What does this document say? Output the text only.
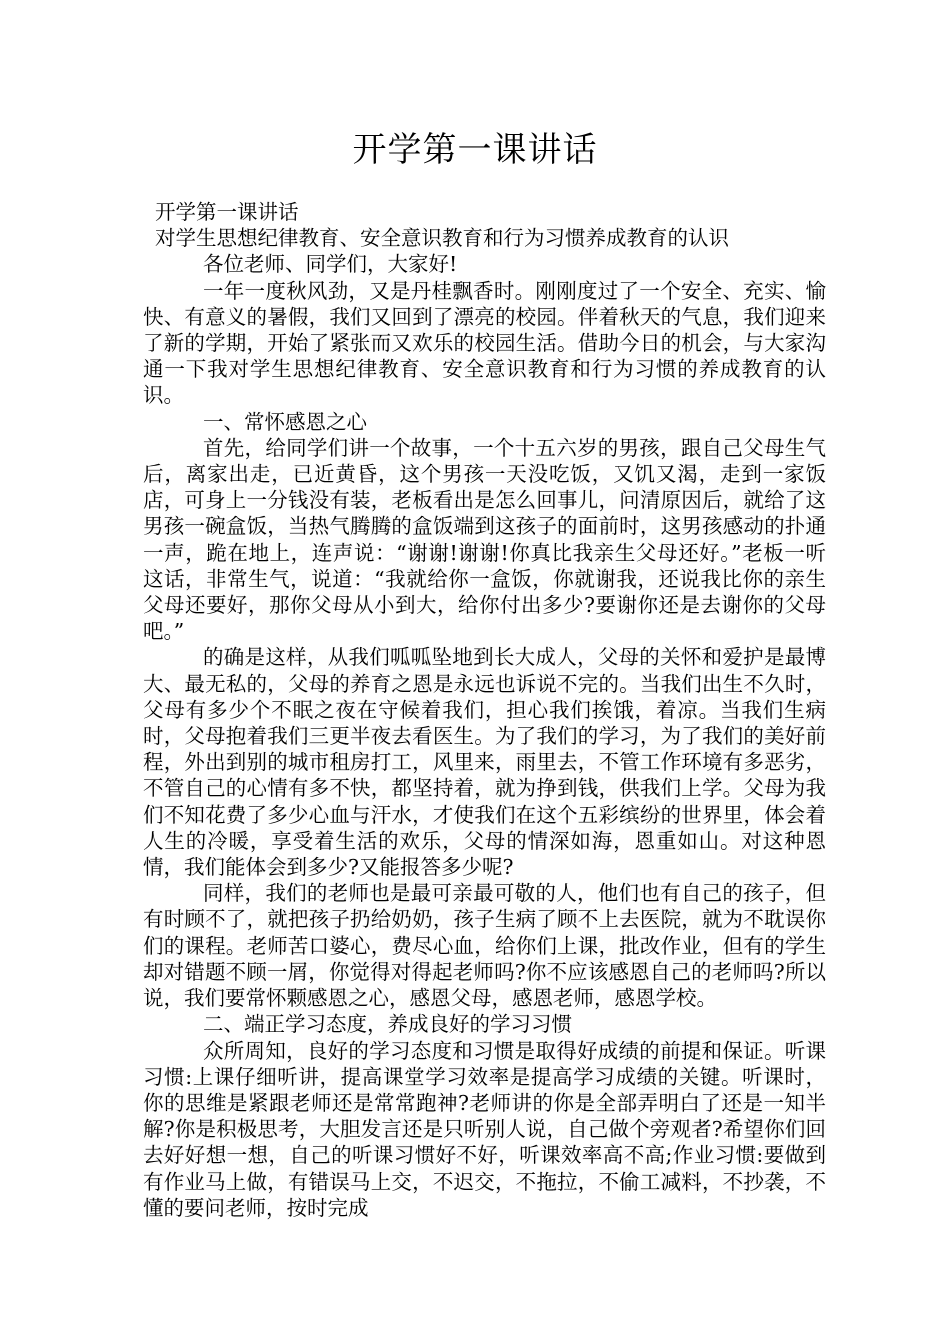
开学第一课讲话

开学第一课讲话

对学生思想纪律教育、安全意识教育和行为习惯养成教育的认识

各位老师、同学们，大家好!

一年一度秋风劲，又是丹桂飘香时。刚刚度过了一个安全、充实、愉快、有意义的暑假，我们又回到了漂亮的校园。伴着秋天的气息，我们迎来了新的学期，开始了紧张而又欢乐的校园生活。借助今日的机会，与大家沟通一下我对学生思想纪律教育、安全意识教育和行为习惯的养成教育的认识。

一、常怀感恩之心

首先，给同学们讲一个故事，一个十五六岁的男孩，跟自己父母生气后，离家出走，已近黄昏，这个男孩一天没吃饭，又饥又渴，走到一家饭店，可身上一分钱没有装，老板看出是怎么回事儿，问清原因后，就给了这男孩一碗盒饭，当热气腾腾的盒饭端到这孩子的面前时，这男孩感动的扑通一声，跪在地上，连声说：“谢谢!谢谢!你真比我亲生父母还好。”老板一听这话，非常生气，说道：“我就给你一盒饭，你就谢我，还说我比你的亲生父母还要好，那你父母从小到大，给你付出多少?要谢你还是去谢你的父母吧。”

的确是这样，从我们呱呱坠地到长大成人，父母的关怀和爱护是最博大、最无私的，父母的养育之恩是永远也诉说不完的。当我们出生不久时，父母有多少个不眠之夜在守候着我们，担心我们挨饿，着凉。当我们生病时，父母抱着我们三更半夜去看医生。为了我们的学习，为了我们的美好前程，外出到别的城市租房打工，风里来，雨里去，不管工作环境有多恶劣，不管自己的心情有多不快，都坚持着，就为挣到钱，供我们上学。父母为我们不知花费了多少心血与汗水，才使我们在这个五彩缤纷的世界里，体会着人生的冷暖，享受着生活的欢乐，父母的情深如海，恩重如山。对这种恩情，我们能体会到多少?又能报答多少呢?

同样，我们的老师也是最可亲最可敬的人，他们也有自己的孩子，但有时顾不了，就把孩子扔给奶奶，孩子生病了顾不上去医院，就为不耽误你们的课程。老师苦口婆心，费尽心血，给你们上课，批改作业，但有的学生却对错题不顾一屑，你觉得对得起老师吗?你不应该感恩自己的老师吗?所以说，我们要常怀颗感恩之心，感恩父母，感恩老师，感恩学校。

二、端正学习态度，养成良好的学习习惯

众所周知，良好的学习态度和习惯是取得好成绩的前提和保证。听课习惯:上课仔细听讲，提高课堂学习效率是提高学习成绩的关键。听课时，你的思维是紧跟老师还是常常跑神?老师讲的你是全部弄明白了还是一知半解?你是积极思考，大胆发言还是只听别人说，自己做个旁观者?希望你们回去好好想一想，自己的听课习惯好不好，听课效率高不高;作业习惯:要做到有作业马上做，有错误马上交，不迟交，不拖拉，不偷工减料，不抄袭，不懂的要问老师，按时完成
